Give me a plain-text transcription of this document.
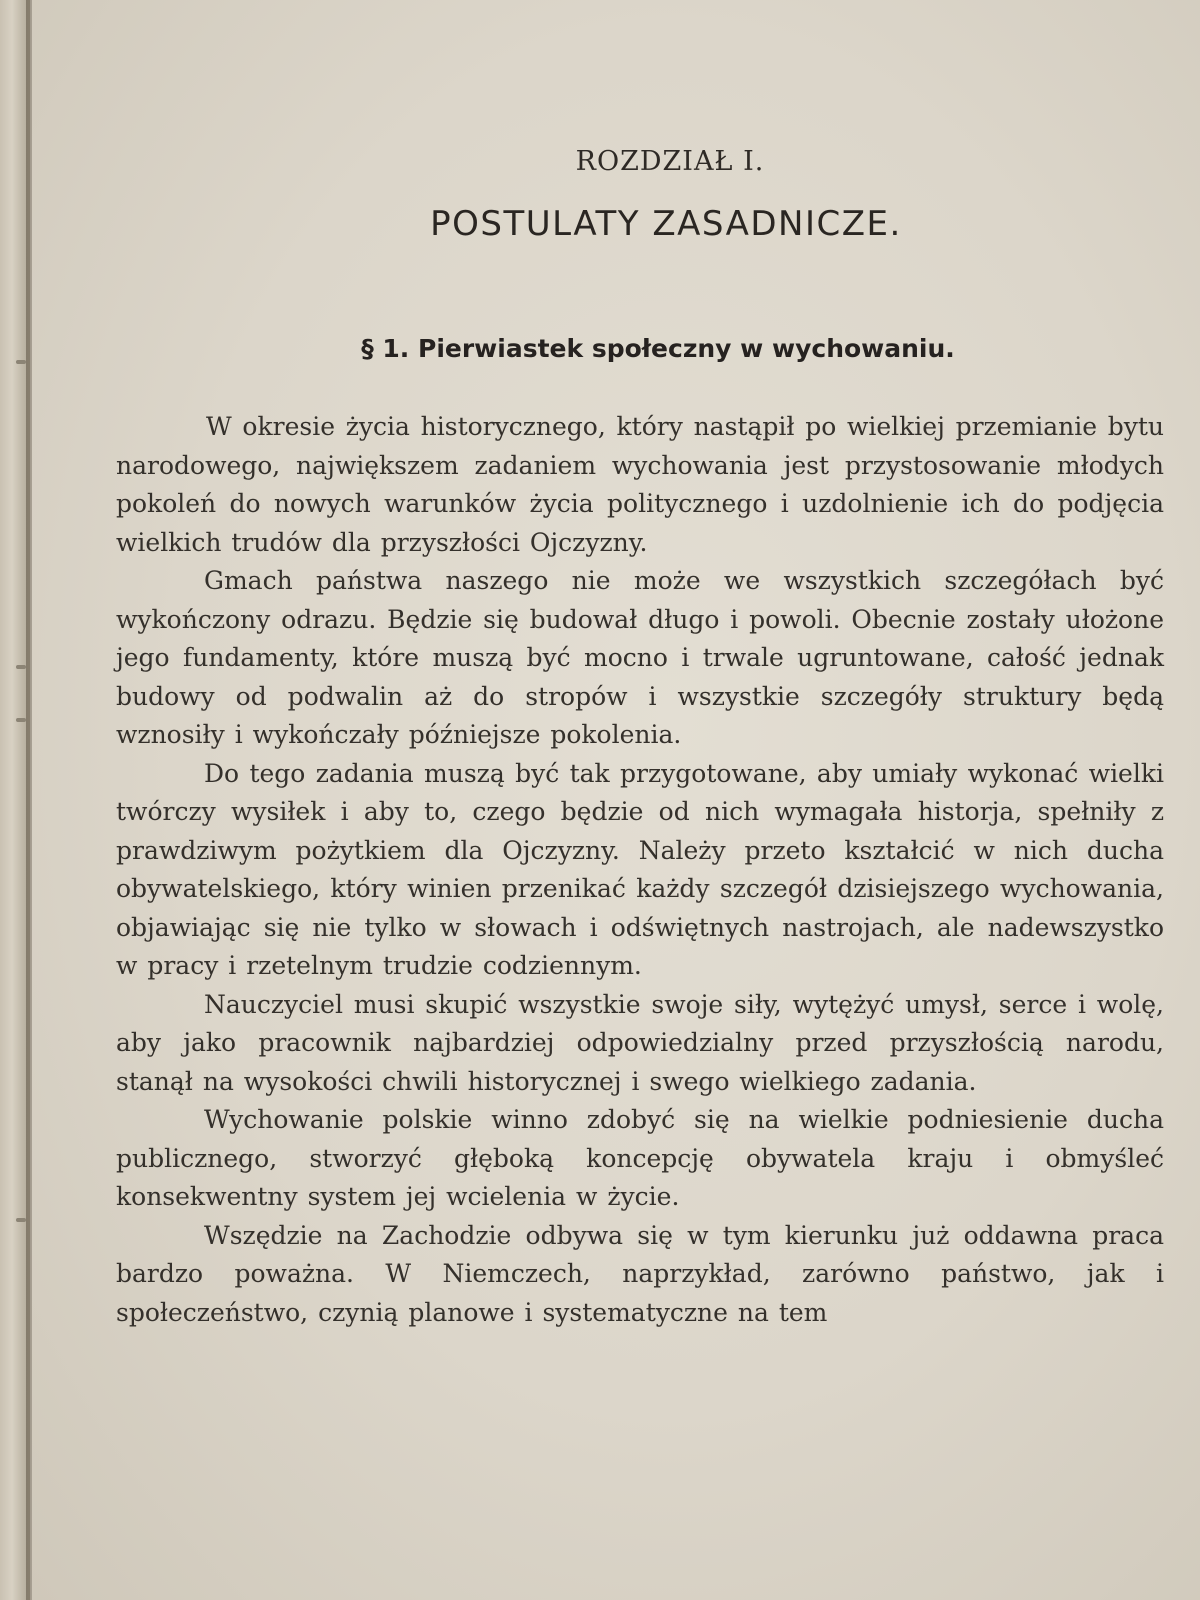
ROZDZIAŁ I.
POSTULATY ZASADNICZE.
§ 1. Pierwiastek społeczny w wychowaniu.

W okresie życia historycznego, który nastąpił po wielkiej przemianie bytu narodowego, największem zadaniem wychowania jest przystosowanie młodych pokoleń do nowych warunków życia politycznego i uzdolnienie ich do podjęcia wielkich trudów dla przyszłości Ojczyzny.

Gmach państwa naszego nie może we wszystkich szczegółach być wykończony odrazu. Będzie się budował długo i powoli. Obecnie zostały ułożone jego fundamenty, które muszą być mocno i trwale ugruntowane, całość jednak budowy od podwalin aż do stropów i wszystkie szczegóły struktury będą wznosiły i wykończały późniejsze pokolenia.

Do tego zadania muszą być tak przygotowane, aby umiały wykonać wielki twórczy wysiłek i aby to, czego będzie od nich wymagała historja, spełniły z prawdziwym pożytkiem dla Ojczyzny. Należy przeto kształcić w nich ducha obywatelskiego, który winien przenikać każdy szczegół dzisiejszego wychowania, objawiając się nie tylko w słowach i odświętnych nastrojach, ale nadewszystko w pracy i rzetelnym trudzie codziennym.

Nauczyciel musi skupić wszystkie swoje siły, wytężyć umysł, serce i wolę, aby jako pracownik najbardziej odpowiedzialny przed przyszłością narodu, stanął na wysokości chwili historycznej i swego wielkiego zadania.

Wychowanie polskie winno zdobyć się na wielkie podniesienie ducha publicznego, stworzyć głęboką koncepcję obywatela kraju i obmyśleć konsekwentny system jej wcielenia w życie.

Wszędzie na Zachodzie odbywa się w tym kierunku już oddawna praca bardzo poważna. W Niemczech, naprzykład, zarówno państwo, jak i społeczeństwo, czynią planowe i systematyczne na tem
